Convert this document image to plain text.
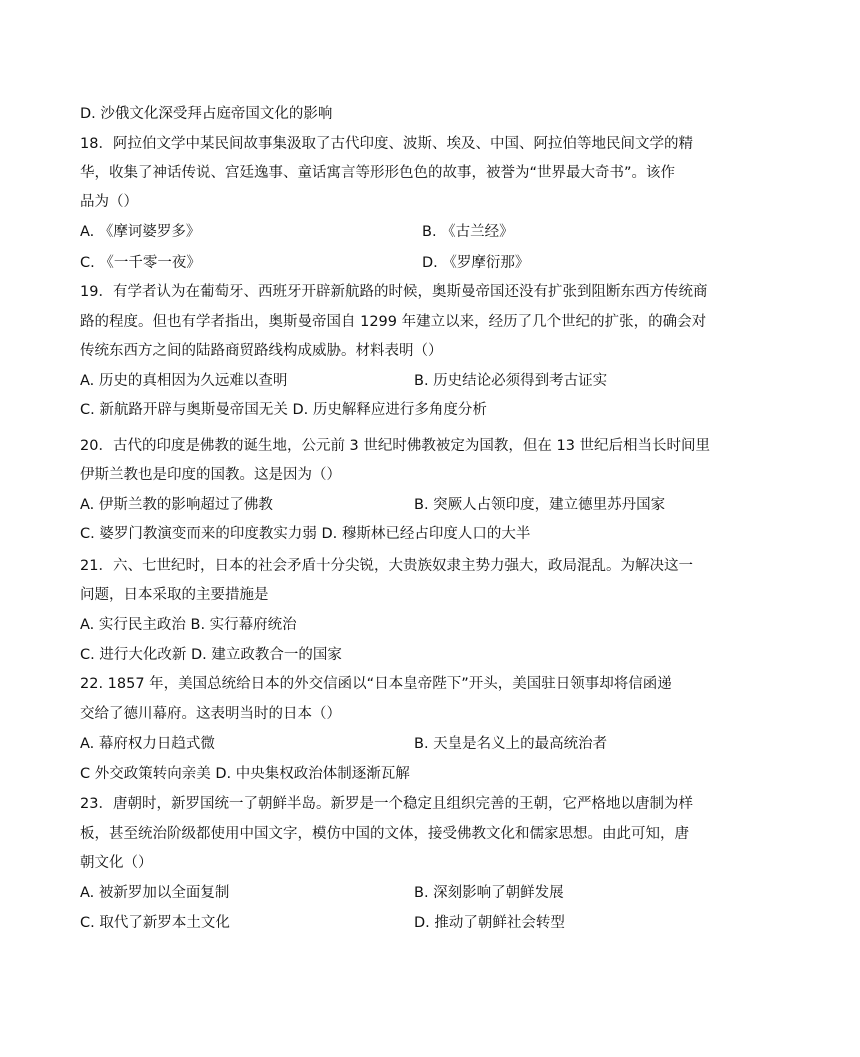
D. 沙俄文化深受拜占庭帝国文化的影响
18．阿拉伯文学中某民间故事集汲取了古代印度、波斯、埃及、中国、阿拉伯等地民间文学的精
华，收集了神话传说、宫廷逸事、童话寓言等形形色色的故事，被誉为“世界最大奇书”。该作
品为（）
A. 《摩诃婆罗多》	B. 《古兰经》
C. 《一千零一夜》	D. 《罗摩衍那》
19．有学者认为在葡萄牙、西班牙开辟新航路的时候，奥斯曼帝国还没有扩张到阻断东西方传统商
路的程度。但也有学者指出，奥斯曼帝国自 1299 年建立以来，经历了几个世纪的扩张，的确会对
传统东西方之间的陆路商贸路线构成威胁。材料表明（）
A. 历史的真相因为久远难以查明	B. 历史结论必须得到考古证实
C. 新航路开辟与奥斯曼帝国无关 D. 历史解释应进行多角度分析
20．古代的印度是佛教的诞生地，公元前 3 世纪时佛教被定为国教，但在 13 世纪后相当长时间里
伊斯兰教也是印度的国教。这是因为（）
A. 伊斯兰教的影响超过了佛教	B. 突厥人占领印度，建立德里苏丹国家
C. 婆罗门教演变而来的印度教实力弱 D. 穆斯林已经占印度人口的大半
21．六、七世纪时，日本的社会矛盾十分尖锐，大贵族奴隶主势力强大，政局混乱。为解决这一
问题，日本采取的主要措施是
A. 实行民主政治 B. 实行幕府统治
C. 进行大化改新 D. 建立政教合一的国家
22. 1857 年，美国总统给日本的外交信函以“日本皇帝陛下”开头，美国驻日领事却将信函递
交给了德川幕府。这表明当时的日本（）
A. 幕府权力日趋式微	B. 天皇是名义上的最高统治者
C 外交政策转向亲美 D. 中央集权政治体制逐渐瓦解
23．唐朝时，新罗国统一了朝鲜半岛。新罗是一个稳定且组织完善的王朝，它严格地以唐制为样
板，甚至统治阶级都使用中国文字，模仿中国的文体，接受佛教文化和儒家思想。由此可知，唐
朝文化（）
A. 被新罗加以全面复制	B. 深刻影响了朝鲜发展
C. 取代了新罗本土文化	D. 推动了朝鲜社会转型
